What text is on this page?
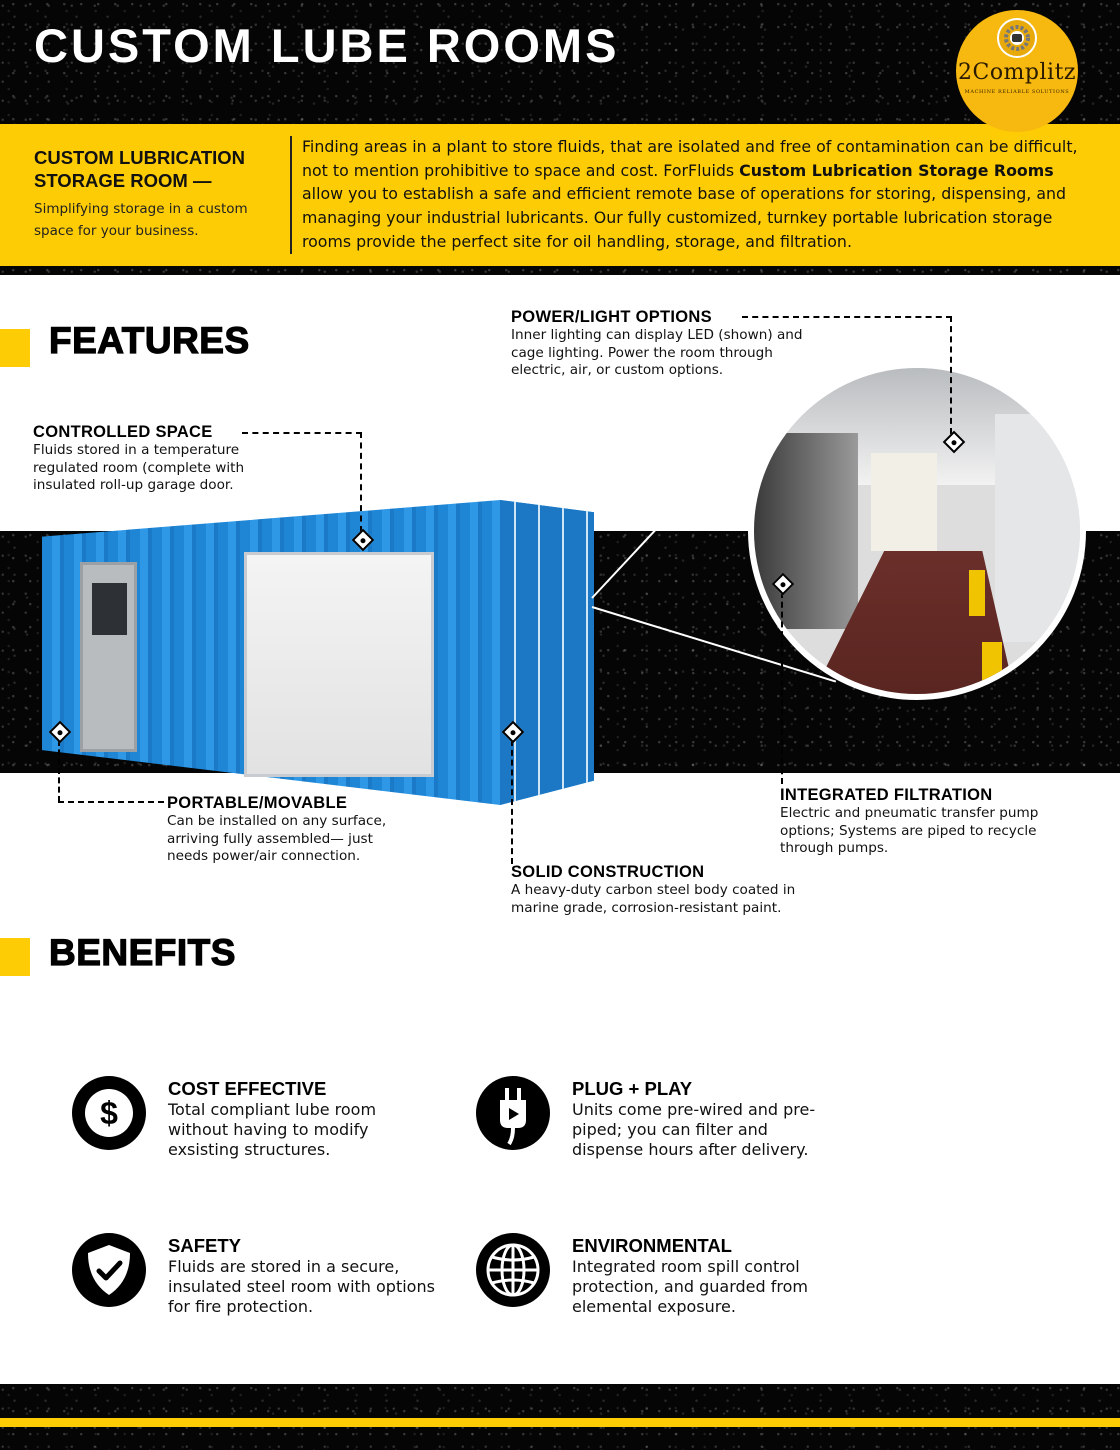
CUSTOM LUBE ROOMS
2Complitz
MACHINE RELIABLE SOLUTIONS
CUSTOM LUBRICATION
STORAGE ROOM —
Simplifying storage in a custom space for your business.
Finding areas in a plant to store fluids, that are isolated and free of contamination can be difficult, not to mention prohibitive to space and cost. ForFluids Custom Lubrication Storage Rooms allow you to establish a safe and efficient remote base of operations for storing, dispensing, and managing your industrial lubricants. Our fully customized, turnkey portable lubrication storage rooms provide the perfect site for oil handling, storage, and filtration.
FEATURES
CONTROLLED SPACE
Fluids stored in a temperature regulated room (complete with insulated roll-up garage door.
POWER/LIGHT OPTIONS
Inner lighting can display LED (shown) and cage lighting. Power the room through electric, air, or custom options.
PORTABLE/MOVABLE
Can be installed on any surface, arriving fully assembled— just needs power/air connection.
SOLID CONSTRUCTION
A heavy-duty carbon steel body coated in marine grade, corrosion-resistant paint.
INTEGRATED FILTRATION
Electric and pneumatic transfer pump options; Systems are piped to recycle through pumps.
BENEFITS
$
COST EFFECTIVE
Total compliant lube room without having to modify exsisting structures.
PLUG + PLAY
Units come pre-wired and pre-piped; you can filter and dispense hours after delivery.
SAFETY
Fluids are stored in a secure, insulated steel room with options for fire protection.
ENVIRONMENTAL
Integrated room spill control protection, and guarded from elemental exposure.
